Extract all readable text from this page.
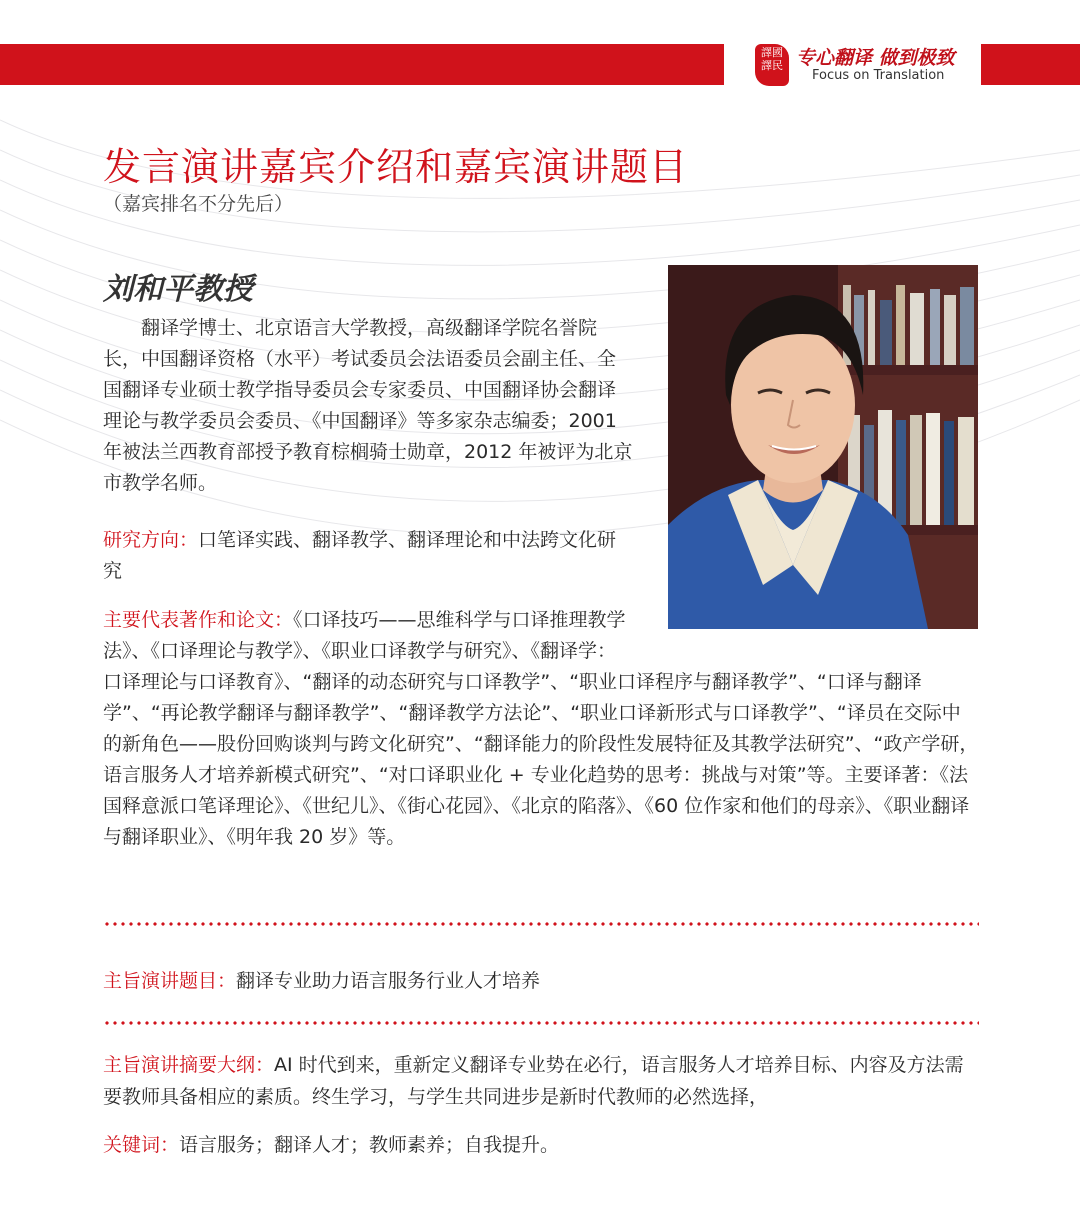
譯國
譯民 专心翻译 做到极致
Focus on Translation
发言演讲嘉宾介绍和嘉宾演讲题目
（嘉宾排名不分先后）
刘和平教授
翻译学博士、北京语言大学教授，高级翻译学院名誉院长，中国翻译资格（水平）考试委员会法语委员会副主任、全国翻译专业硕士教学指导委员会专家委员、中国翻译协会翻译理论与教学委员会委员、《中国翻译》等多家杂志编委；2001 年被法兰西教育部授予教育棕榈骑士勋章，2012 年被评为北京市教学名师。
研究方向：口笔译实践、翻译教学、翻译理论和中法跨文化研究
主要代表著作和论文：《口译技巧——思维科学与口译推理教学法》、《口译理论与教学》、《职业口译教学与研究》、《翻译学：口译理论与口译教育》、“翻译的动态研究与口译教学”、“职业口译程序与翻译教学”、“口译与翻译学”、“再论教学翻译与翻译教学”、“翻译教学方法论”、“职业口译新形式与口译教学”、“译员在交际中的新角色——股份回购谈判与跨文化研究”、“翻译能力的阶段性发展特征及其教学法研究”、“政产学研，语言服务人才培养新模式研究”、“对口译职业化 + 专业化趋势的思考：挑战与对策”等。主要译著：《法国释意派口笔译理论》、《世纪儿》、《街心花园》、《北京的陷落》、《60 位作家和他们的母亲》、《职业翻译与翻译职业》、《明年我 20 岁》等。
主旨演讲题目：翻译专业助力语言服务行业人才培养
主旨演讲摘要大纲：AI 时代到来，重新定义翻译专业势在必行，语言服务人才培养目标、内容及方法需要教师具备相应的素质。终生学习，与学生共同进步是新时代教师的必然选择，
关键词：语言服务；翻译人才；教师素养；自我提升。
